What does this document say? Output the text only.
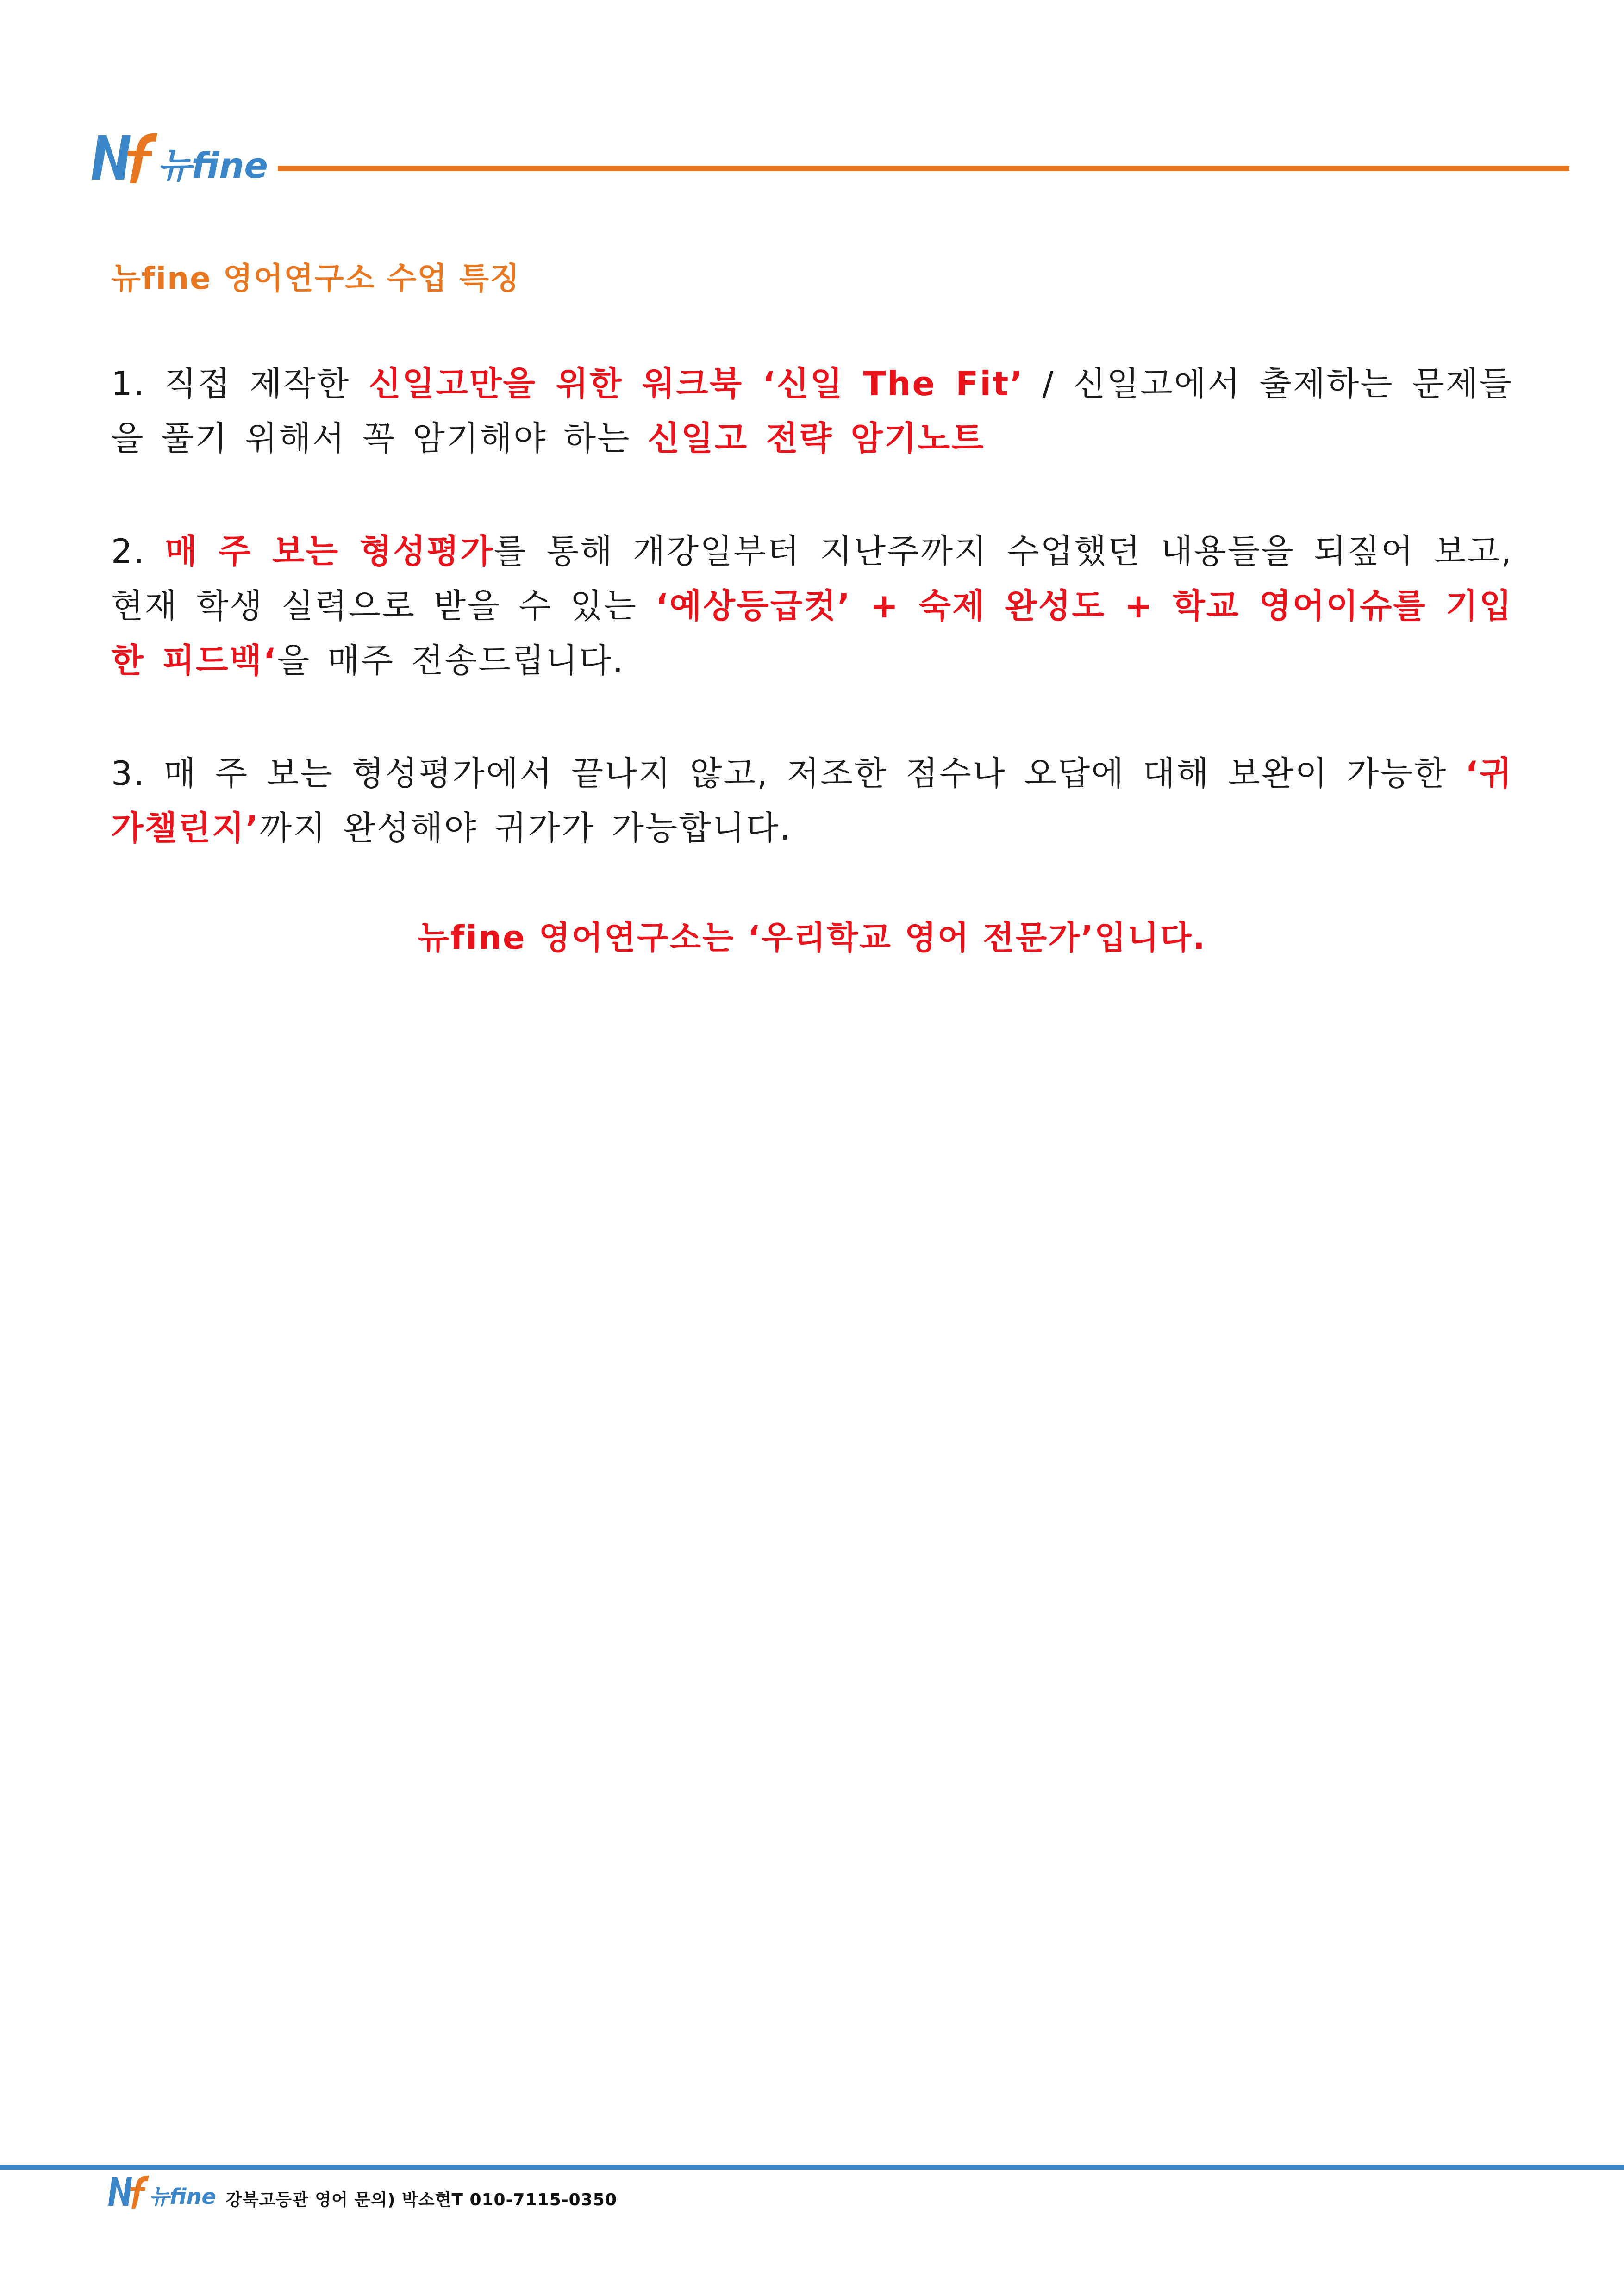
뉴fine
뉴fine 영어연구소 수업 특징
1. 직접 제작한 신일고만을 위한 워크북 ‘신일 The Fit’ / 신일고에서 출제하는 문제들을 풀기 위해서 꼭 암기해야 하는 신일고 전략 암기노트
2. 매 주 보는 형성평가를 통해 개강일부터 지난주까지 수업했던 내용들을 되짚어 보고, 현재 학생 실력으로 받을 수 있는 ‘예상등급컷’ + 숙제 완성도 + 학교 영어이슈를 기입한 피드백‘을 매주 전송드립니다.
3. 매 주 보는 형성평가에서 끝나지 않고, 저조한 점수나 오답에 대해 보완이 가능한 ‘귀가챌린지’까지 완성해야 귀가가 가능합니다.
뉴fine 영어연구소는 ‘우리학교 영어 전문가’입니다.
뉴fine 강북고등관 영어 문의) 박소현T 010-7115-0350
